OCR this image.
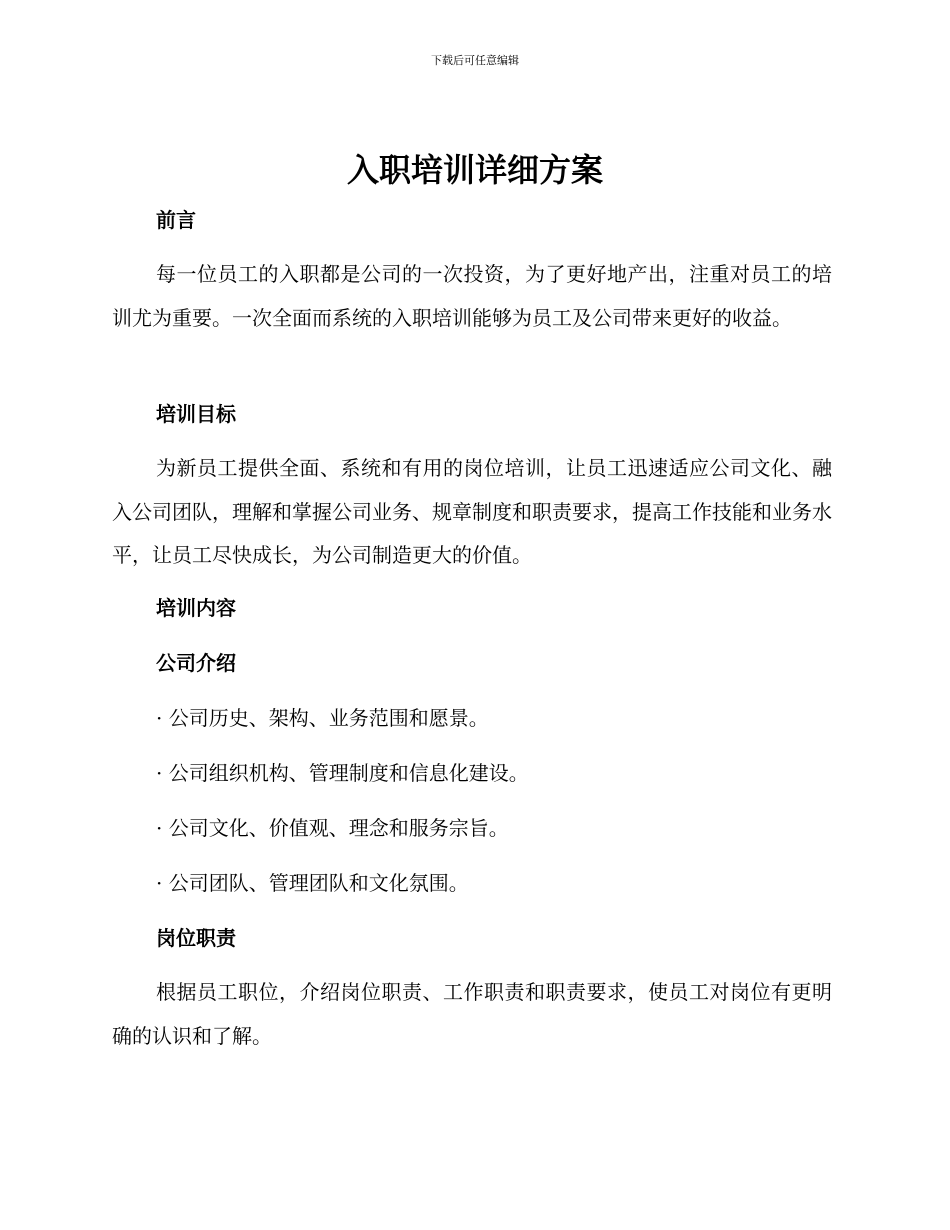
下载后可任意编辑
入职培训详细方案
前言

每一位员工的入职都是公司的一次投资，为了更好地产出，注重对员工的培训尤为重要。一次全面而系统的入职培训能够为员工及公司带来更好的收益。

培训目标

为新员工提供全面、系统和有用的岗位培训，让员工迅速适应公司文化、融入公司团队，理解和掌握公司业务、规章制度和职责要求，提高工作技能和业务水平，让员工尽快成长，为公司制造更大的价值。

培训内容
公司介绍

· 公司历史、架构、业务范围和愿景。

· 公司组织机构、管理制度和信息化建设。

· 公司文化、价值观、理念和服务宗旨。

· 公司团队、管理团队和文化氛围。

岗位职责

根据员工职位，介绍岗位职责、工作职责和职责要求，使员工对岗位有更明确的认识和了解。
